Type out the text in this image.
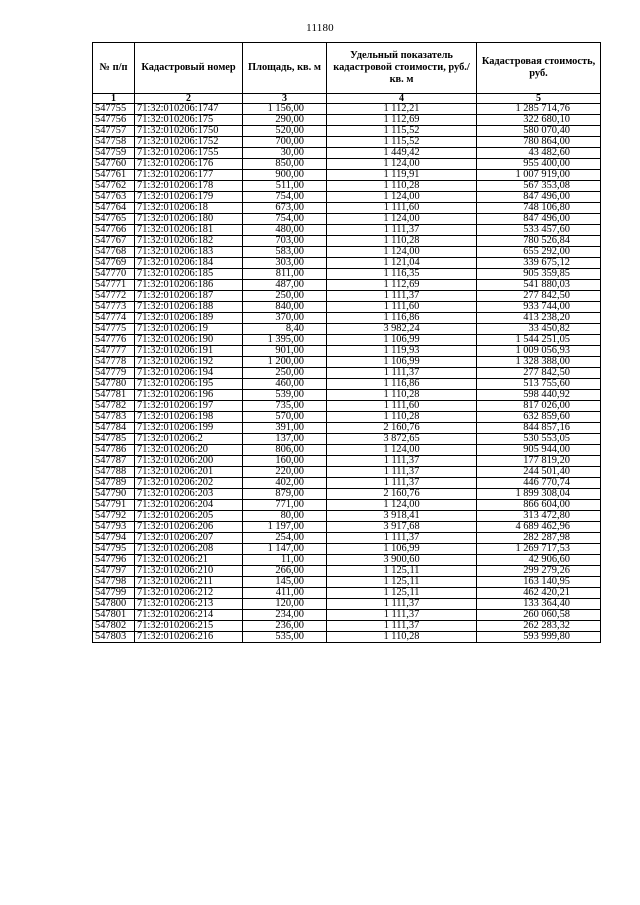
11180
№ п/п	Кадастровый номер	Площадь, кв. м	Удельный показатель кадастровой стоимости, руб./кв. м	Кадастровая стоимость, руб.
1	2	3	4	5
547755	71:32:010206:1747	1 156,00	1 112,21	1 285 714,76
547756	71:32:010206:175	290,00	1 112,69	322 680,10
547757	71:32:010206:1750	520,00	1 115,52	580 070,40
547758	71:32:010206:1752	700,00	1 115,52	780 864,00
547759	71:32:010206:1755	30,00	1 449,42	43 482,60
547760	71:32:010206:176	850,00	1 124,00	955 400,00
547761	71:32:010206:177	900,00	1 119,91	1 007 919,00
547762	71:32:010206:178	511,00	1 110,28	567 353,08
547763	71:32:010206:179	754,00	1 124,00	847 496,00
547764	71:32:010206:18	673,00	1 111,60	748 106,80
547765	71:32:010206:180	754,00	1 124,00	847 496,00
547766	71:32:010206:181	480,00	1 111,37	533 457,60
547767	71:32:010206:182	703,00	1 110,28	780 526,84
547768	71:32:010206:183	583,00	1 124,00	655 292,00
547769	71:32:010206:184	303,00	1 121,04	339 675,12
547770	71:32:010206:185	811,00	1 116,35	905 359,85
547771	71:32:010206:186	487,00	1 112,69	541 880,03
547772	71:32:010206:187	250,00	1 111,37	277 842,50
547773	71:32:010206:188	840,00	1 111,60	933 744,00
547774	71:32:010206:189	370,00	1 116,86	413 238,20
547775	71:32:010206:19	8,40	3 982,24	33 450,82
547776	71:32:010206:190	1 395,00	1 106,99	1 544 251,05
547777	71:32:010206:191	901,00	1 119,93	1 009 056,93
547778	71:32:010206:192	1 200,00	1 106,99	1 328 388,00
547779	71:32:010206:194	250,00	1 111,37	277 842,50
547780	71:32:010206:195	460,00	1 116,86	513 755,60
547781	71:32:010206:196	539,00	1 110,28	598 440,92
547782	71:32:010206:197	735,00	1 111,60	817 026,00
547783	71:32:010206:198	570,00	1 110,28	632 859,60
547784	71:32:010206:199	391,00	2 160,76	844 857,16
547785	71:32:010206:2	137,00	3 872,65	530 553,05
547786	71:32:010206:20	806,00	1 124,00	905 944,00
547787	71:32:010206:200	160,00	1 111,37	177 819,20
547788	71:32:010206:201	220,00	1 111,37	244 501,40
547789	71:32:010206:202	402,00	1 111,37	446 770,74
547790	71:32:010206:203	879,00	2 160,76	1 899 308,04
547791	71:32:010206:204	771,00	1 124,00	866 604,00
547792	71:32:010206:205	80,00	3 918,41	313 472,80
547793	71:32:010206:206	1 197,00	3 917,68	4 689 462,96
547794	71:32:010206:207	254,00	1 111,37	282 287,98
547795	71:32:010206:208	1 147,00	1 106,99	1 269 717,53
547796	71:32:010206:21	11,00	3 900,60	42 906,60
547797	71:32:010206:210	266,00	1 125,11	299 279,26
547798	71:32:010206:211	145,00	1 125,11	163 140,95
547799	71:32:010206:212	411,00	1 125,11	462 420,21
547800	71:32:010206:213	120,00	1 111,37	133 364,40
547801	71:32:010206:214	234,00	1 111,37	260 060,58
547802	71:32:010206:215	236,00	1 111,37	262 283,32
547803	71:32:010206:216	535,00	1 110,28	593 999,80
